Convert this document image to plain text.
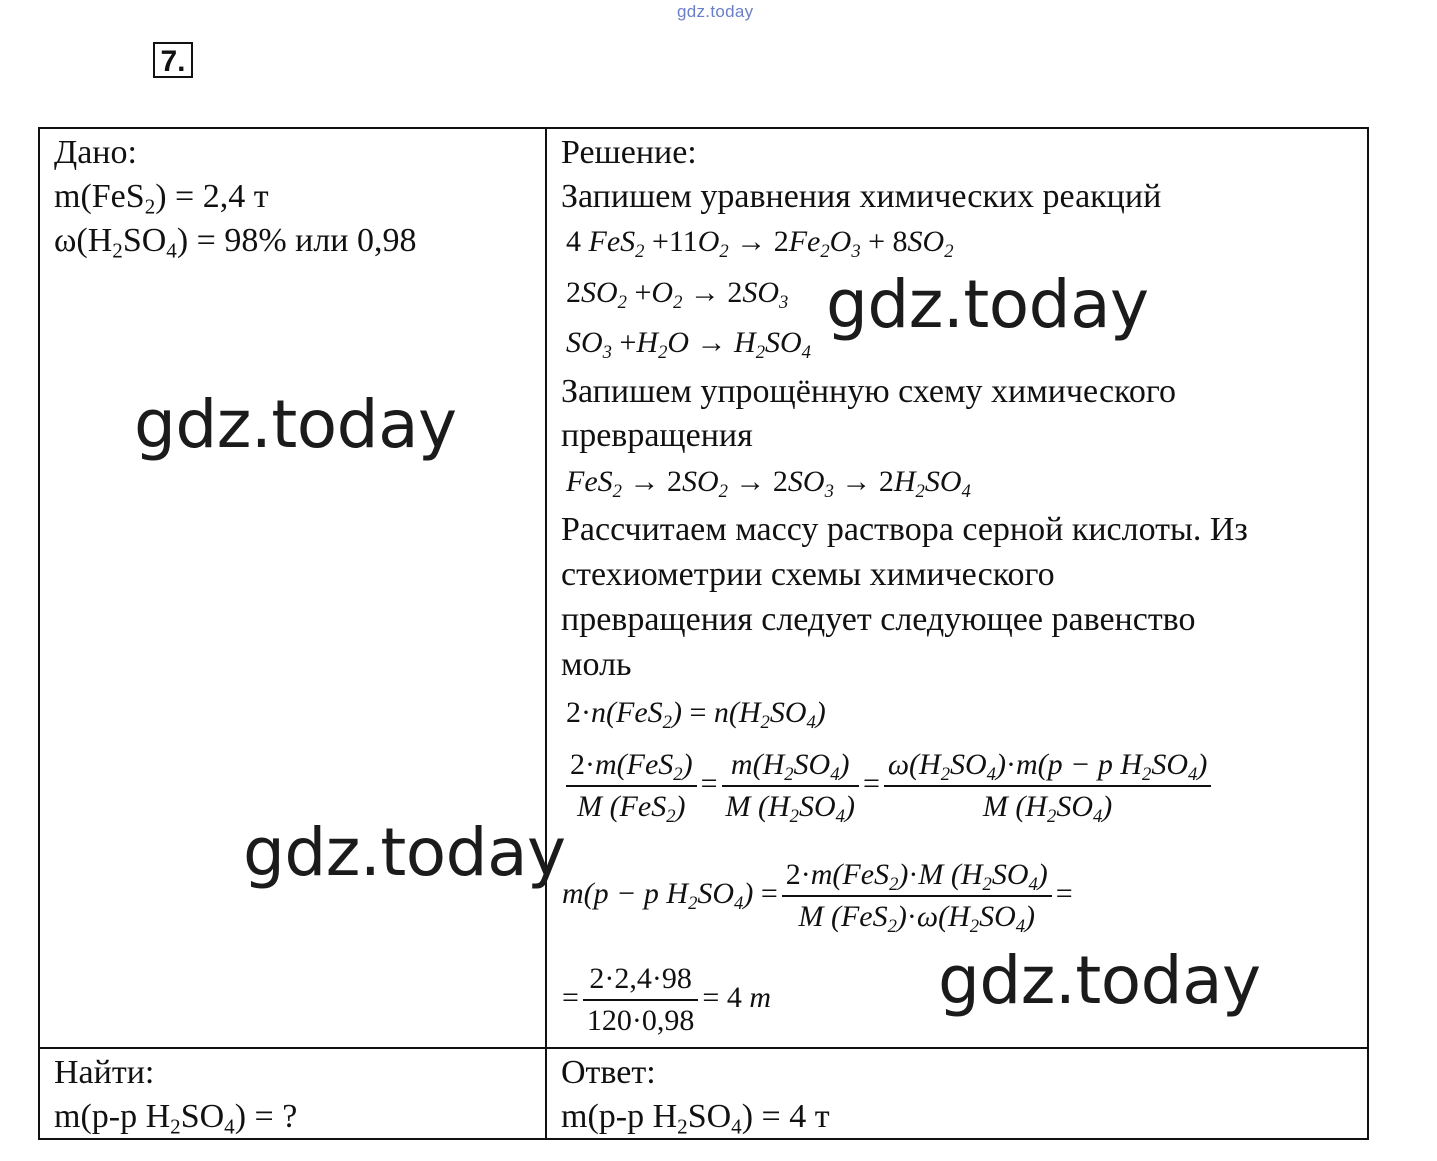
gdz.today
7.
Дано:
m(FeS$_2$) = 2,4 т
$\omega(H_2SO_4) = 98\%$ или 0,98
Найти:
m(р-р $H_2SO_4$) = ?
Решение:
Запишем уравнения химических реакций
4 $FeS_2 +11O_2 \to 2Fe_2O_3 + 8SO_2$
$2SO_2 +O_2 \to 2SO_3$
$SO_3 +H_2O \to H_2SO_4$
Запишем упрощённую схему химического
превращения
$FeS_2 \to 2SO_2 \to 2SO_3 \to 2H_2SO_4$
Рассчитаем массу раствора серной кислоты. Из
стехиометрии схемы химического
превращения следует следующее равенство
моль
$2\cdot n(FeS_2) = n(H_2SO_4)$
$\frac{2\cdot m(FeS_2)}{M (FeS_2)} = \frac{m(H_2SO_4)}{M (H_2SO_4)} = \frac{\omega(H_2SO_4)\cdot m(p - p H_2SO_4)}{M (H_2SO_4)}$
m(p − p $H_2SO_4) = \frac{2\cdot m(FeS_2)\cdot M (H_2SO_4)}{M (FeS_2)\cdot\omega(H_2SO_4)}$ =
= $\frac{2\cdot 2,4\cdot 98}{120\cdot 0,98} = 4$ m
Ответ:
m(р-р $H_2SO_4) = 4$ т
gdz.today
gdz.today
gdz.today
gdz.today
